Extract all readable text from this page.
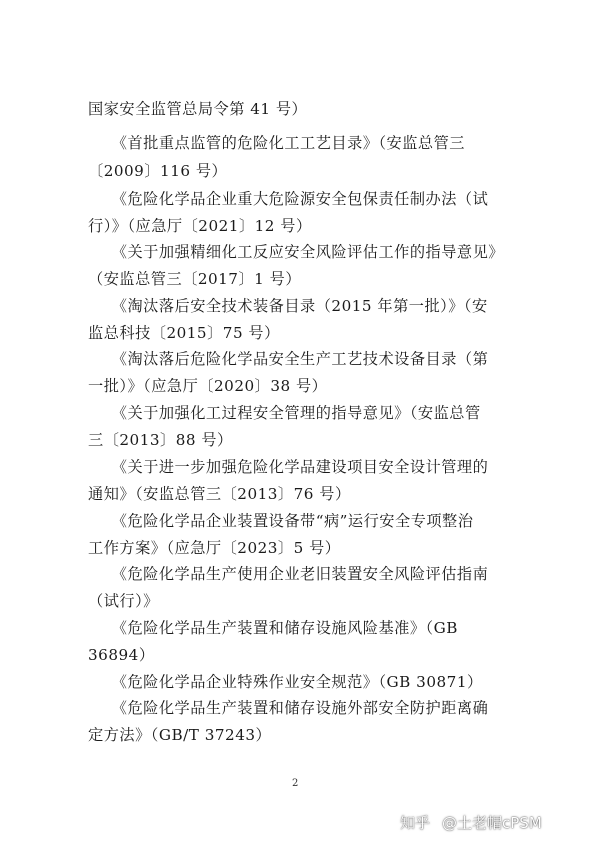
国家安全监管总局令第 41 号）
　　《首批重点监管的危险化工工艺目录》（安监总管三
〔2009〕116 号）
　　《危险化学品企业重大危险源安全包保责任制办法（试
行）》（应急厅〔2021〕12 号）
　　《关于加强精细化工反应安全风险评估工作的指导意见》
（安监总管三〔2017〕1 号）
　　《淘汰落后安全技术装备目录（2015 年第一批）》（安
监总科技〔2015〕75 号）
　　《淘汰落后危险化学品安全生产工艺技术设备目录（第
一批）》（应急厅〔2020〕38 号）
　　《关于加强化工过程安全管理的指导意见》（安监总管
三〔2013〕88 号）
　　《关于进一步加强危险化学品建设项目安全设计管理的
通知》（安监总管三〔2013〕76 号）
　　《危险化学品企业装置设备带“病”运行安全专项整治
工作方案》（应急厅〔2023〕5 号）
　　《危险化学品生产使用企业老旧装置安全风险评估指南
（试行）》
　　《危险化学品生产装置和储存设施风险基准》（GB
36894）
　　《危险化学品企业特殊作业安全规范》（GB 30871）
　　《危险化学品生产装置和储存设施外部安全防护距离确
定方法》（GB/T 37243）
2
知乎 @土老帽cPSM
